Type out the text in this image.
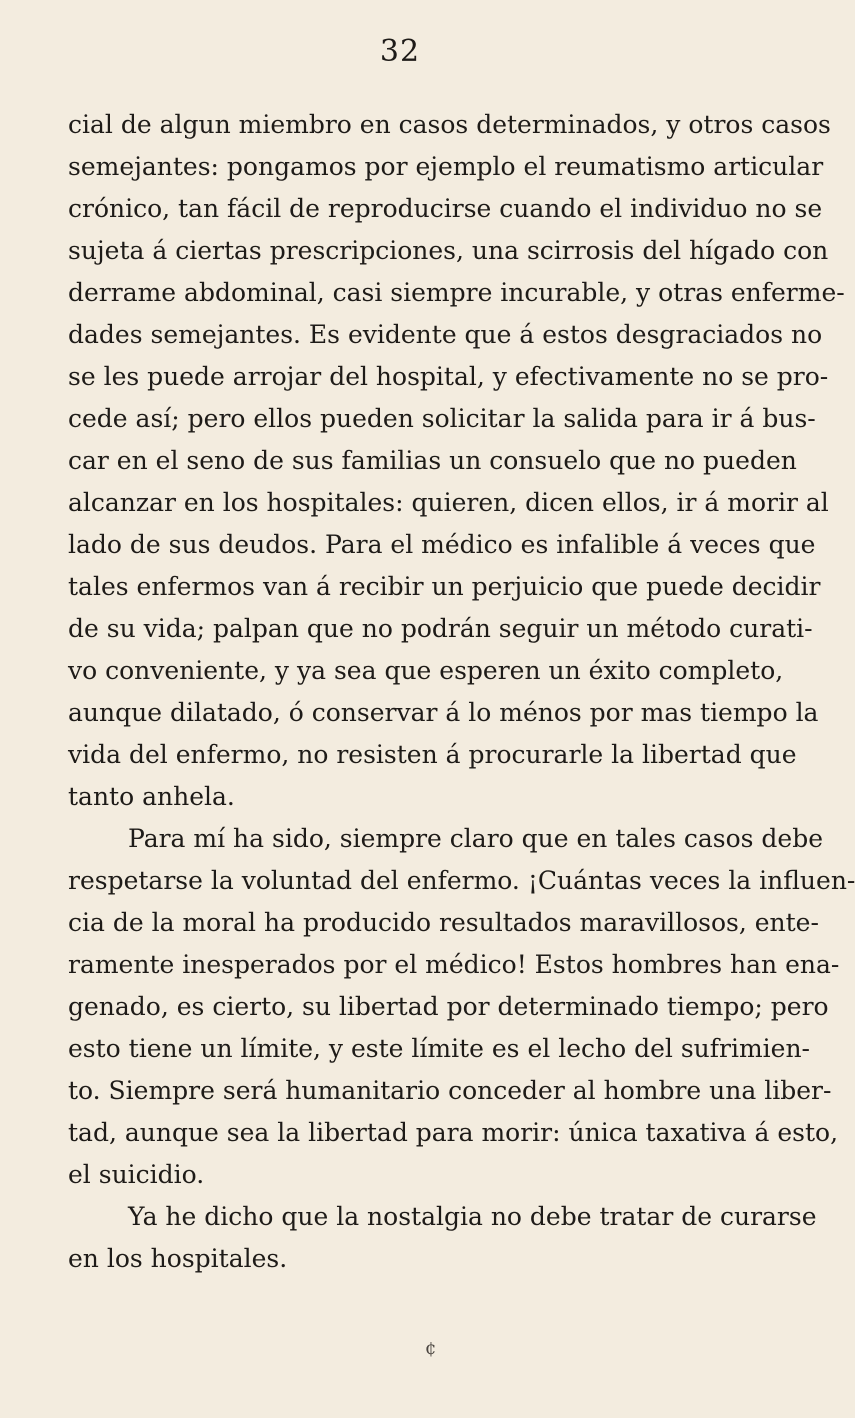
32
cial de algun miembro en casos determinados, y otros casos
semejantes: pongamos por ejemplo el reumatismo articular
crónico, tan fácil de reproducirse cuando el individuo no se
sujeta á ciertas prescripciones, una scirrosis del hígado con
derrame abdominal, casi siempre incurable, y otras enferme-
dades semejantes. Es evidente que á estos desgraciados no
se les puede arrojar del hospital, y efectivamente no se pro-
cede así; pero ellos pueden solicitar la salida para ir á bus-
car en el seno de sus familias un consuelo que no pueden
alcanzar en los hospitales: quieren, dicen ellos, ir á morir al
lado de sus deudos. Para el médico es infalible á veces que
tales enfermos van á recibir un perjuicio que puede decidir
de su vida; palpan que no podrán seguir un método curati-
vo conveniente, y ya sea que esperen un éxito completo,
aunque dilatado, ó conservar á lo ménos por mas tiempo la
vida del enfermo, no resisten á procurarle la libertad que
tanto anhela.
Para mí ha sido, siempre claro que en tales casos debe
respetarse la voluntad del enfermo. ¡Cuántas veces la influen-
cia de la moral ha producido resultados maravillosos, ente-
ramente inesperados por el médico! Estos hombres han ena-
genado, es cierto, su libertad por determinado tiempo; pero
esto tiene un límite, y este límite es el lecho del sufrimien-
to. Siempre será humanitario conceder al hombre una liber-
tad, aunque sea la libertad para morir: única taxativa á esto,
el suicidio.
Ya he dicho que la nostalgia no debe tratar de curarse
en los hospitales.
¢
